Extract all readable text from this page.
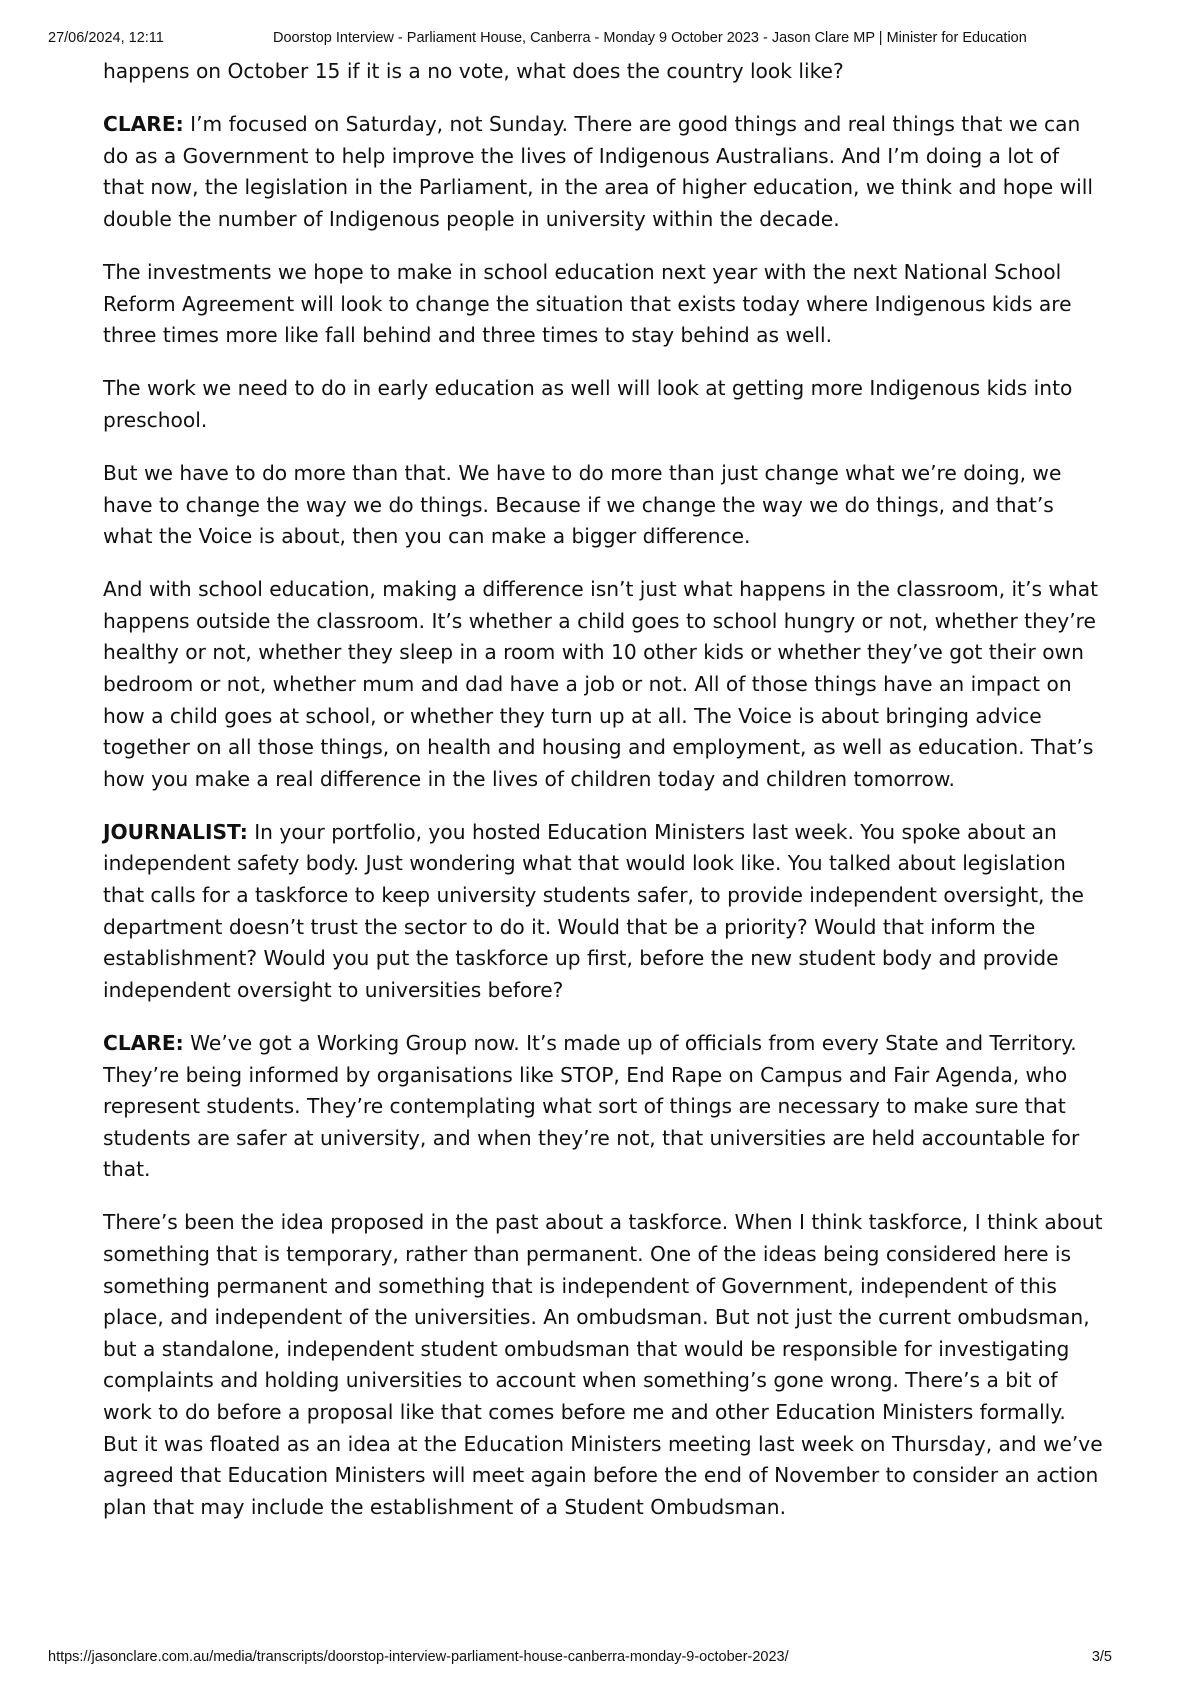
27/06/2024, 12:11	Doorstop Interview - Parliament House, Canberra - Monday 9 October 2023 - Jason Clare MP | Minister for Education

happens on October 15 if it is a no vote, what does the country look like?

CLARE: I’m focused on Saturday, not Sunday. There are good things and real things that we can do as a Government to help improve the lives of Indigenous Australians. And I’m doing a lot of that now, the legislation in the Parliament, in the area of higher education, we think and hope will double the number of Indigenous people in university within the decade.

The investments we hope to make in school education next year with the next National School Reform Agreement will look to change the situation that exists today where Indigenous kids are three times more like fall behind and three times to stay behind as well.

The work we need to do in early education as well will look at getting more Indigenous kids into preschool.

But we have to do more than that. We have to do more than just change what we’re doing, we have to change the way we do things. Because if we change the way we do things, and that’s what the Voice is about, then you can make a bigger difference.

And with school education, making a difference isn’t just what happens in the classroom, it’s what happens outside the classroom. It’s whether a child goes to school hungry or not, whether they’re healthy or not, whether they sleep in a room with 10 other kids or whether they’ve got their own bedroom or not, whether mum and dad have a job or not. All of those things have an impact on how a child goes at school, or whether they turn up at all. The Voice is about bringing advice together on all those things, on health and housing and employment, as well as education. That’s how you make a real difference in the lives of children today and children tomorrow.

JOURNALIST: In your portfolio, you hosted Education Ministers last week. You spoke about an independent safety body. Just wondering what that would look like. You talked about legislation that calls for a taskforce to keep university students safer, to provide independent oversight, the department doesn’t trust the sector to do it. Would that be a priority? Would that inform the establishment? Would you put the taskforce up first, before the new student body and provide independent oversight to universities before?

CLARE: We’ve got a Working Group now. It’s made up of officials from every State and Territory. They’re being informed by organisations like STOP, End Rape on Campus and Fair Agenda, who represent students. They’re contemplating what sort of things are necessary to make sure that students are safer at university, and when they’re not, that universities are held accountable for that.

There’s been the idea proposed in the past about a taskforce. When I think taskforce, I think about something that is temporary, rather than permanent. One of the ideas being considered here is something permanent and something that is independent of Government, independent of this place, and independent of the universities. An ombudsman. But not just the current ombudsman, but a standalone, independent student ombudsman that would be responsible for investigating complaints and holding universities to account when something’s gone wrong. There’s a bit of work to do before a proposal like that comes before me and other Education Ministers formally. But it was floated as an idea at the Education Ministers meeting last week on Thursday, and we’ve agreed that Education Ministers will meet again before the end of November to consider an action plan that may include the establishment of a Student Ombudsman.

https://jasonclare.com.au/media/transcripts/doorstop-interview-parliament-house-canberra-monday-9-october-2023/	3/5
